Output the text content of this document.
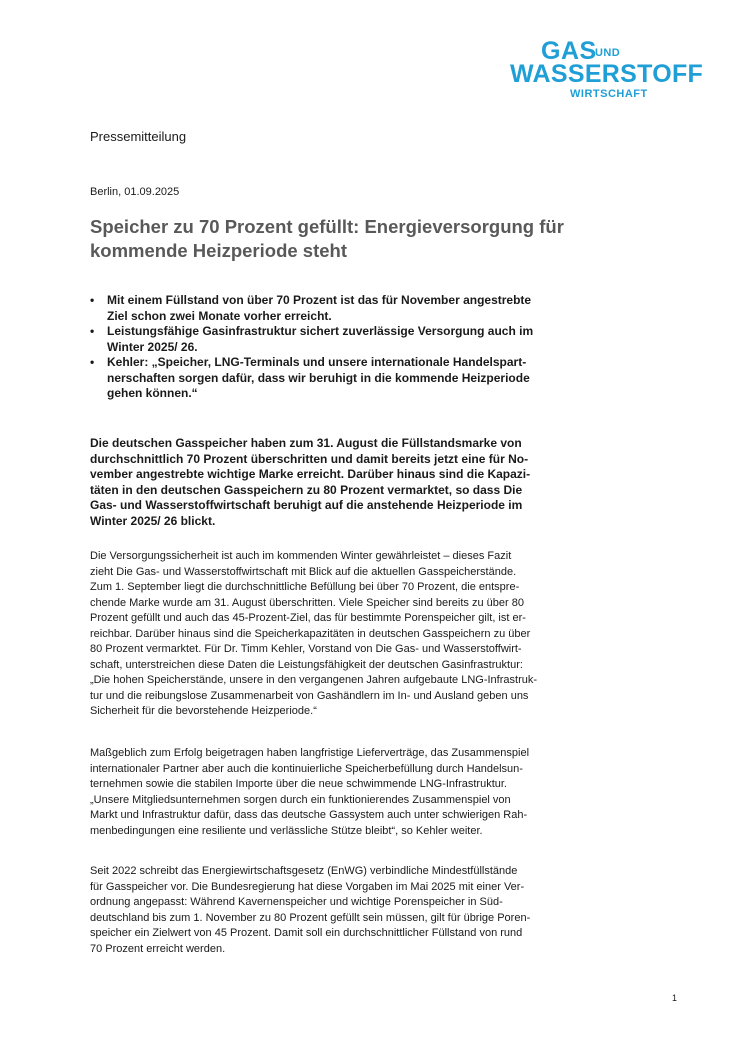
GAS
UND
WASSERSTOFF
WIRTSCHAFT
Pressemitteilung
Berlin, 01.09.2025
Speicher zu 70 Prozent gefüllt: Energieversorgung für
kommende Heizperiode steht
• Mit einem Füllstand von über 70 Prozent ist das für November angestrebte
Ziel schon zwei Monate vorher erreicht.
• Leistungsfähige Gasinfrastruktur sichert zuverlässige Versorgung auch im
Winter 2025/ 26.
• Kehler: „Speicher, LNG-Terminals und unsere internationale Handelspart-
nerschaften sorgen dafür, dass wir beruhigt in die kommende Heizperiode
gehen können.“

Die deutschen Gasspeicher haben zum 31. August die Füllstandsmarke von
durchschnittlich 70 Prozent überschritten und damit bereits jetzt eine für No-
vember angestrebte wichtige Marke erreicht. Darüber hinaus sind die Kapazi-
täten in den deutschen Gasspeichern zu 80 Prozent vermarktet, so dass Die
Gas- und Wasserstoffwirtschaft beruhigt auf die anstehende Heizperiode im
Winter 2025/ 26 blickt.

Die Versorgungssicherheit ist auch im kommenden Winter gewährleistet – dieses Fazit
zieht Die Gas- und Wasserstoffwirtschaft mit Blick auf die aktuellen Gasspeicherstände.
Zum 1. September liegt die durchschnittliche Befüllung bei über 70 Prozent, die entspre-
chende Marke wurde am 31. August überschritten. Viele Speicher sind bereits zu über 80
Prozent gefüllt und auch das 45-Prozent-Ziel, das für bestimmte Porenspeicher gilt, ist er-
reichbar. Darüber hinaus sind die Speicherkapazitäten in deutschen Gasspeichern zu über
80 Prozent vermarktet. Für Dr. Timm Kehler, Vorstand von Die Gas- und Wasserstoffwirt-
schaft, unterstreichen diese Daten die Leistungsfähigkeit der deutschen Gasinfrastruktur:
„Die hohen Speicherstände, unsere in den vergangenen Jahren aufgebaute LNG-Infrastruk-
tur und die reibungslose Zusammenarbeit von Gashändlern im In- und Ausland geben uns
Sicherheit für die bevorstehende Heizperiode.“

Maßgeblich zum Erfolg beigetragen haben langfristige Lieferverträge, das Zusammenspiel
internationaler Partner aber auch die kontinuierliche Speicherbefüllung durch Handelsun-
ternehmen sowie die stabilen Importe über die neue schwimmende LNG-Infrastruktur.
„Unsere Mitgliedsunternehmen sorgen durch ein funktionierendes Zusammenspiel von
Markt und Infrastruktur dafür, dass das deutsche Gassystem auch unter schwierigen Rah-
menbedingungen eine resiliente und verlässliche Stütze bleibt“, so Kehler weiter.

Seit 2022 schreibt das Energiewirtschaftsgesetz (EnWG) verbindliche Mindestfüllstände
für Gasspeicher vor. Die Bundesregierung hat diese Vorgaben im Mai 2025 mit einer Ver-
ordnung angepasst: Während Kavernenspeicher und wichtige Porenspeicher in Süd-
deutschland bis zum 1. November zu 80 Prozent gefüllt sein müssen, gilt für übrige Poren-
speicher ein Zielwert von 45 Prozent. Damit soll ein durchschnittlicher Füllstand von rund
70 Prozent erreicht werden.

1
